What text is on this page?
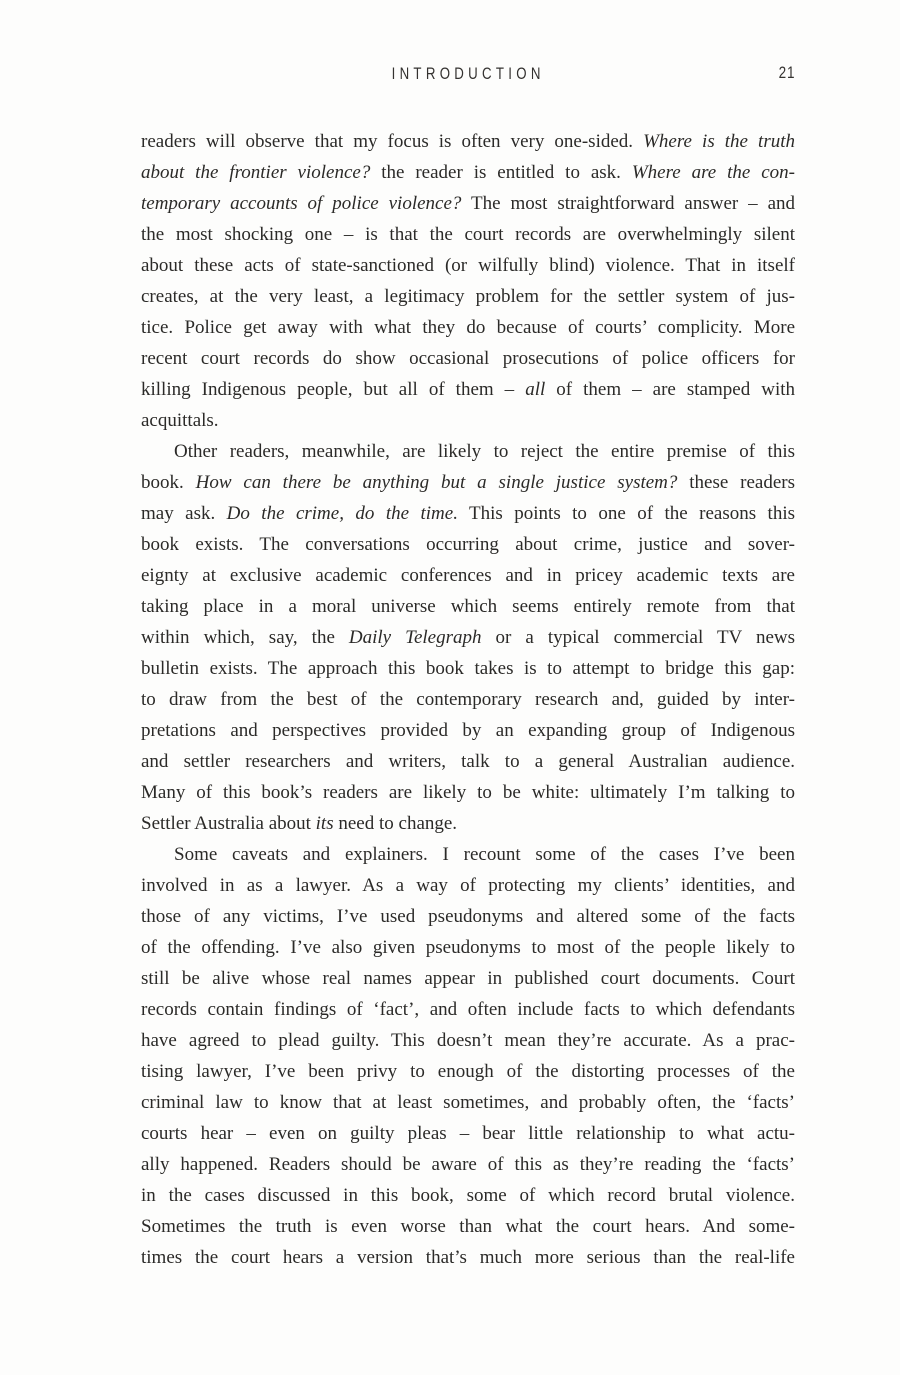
INTRODUCTION	21
readers will observe that my focus is often very one-sided. Where is the truth
about the frontier violence? the reader is entitled to ask. Where are the con-
temporary accounts of police violence? The most straightforward answer – and
the most shocking one – is that the court records are overwhelmingly silent
about these acts of state-sanctioned (or wilfully blind) violence. That in itself
creates, at the very least, a legitimacy problem for the settler system of jus-
tice. Police get away with what they do because of courts’ complicity. More
recent court records do show occasional prosecutions of police officers for
killing Indigenous people, but all of them – all of them – are stamped with
acquittals.
Other readers, meanwhile, are likely to reject the entire premise of this
book. How can there be anything but a single justice system? these readers
may ask. Do the crime, do the time. This points to one of the reasons this
book exists. The conversations occurring about crime, justice and sover-
eignty at exclusive academic conferences and in pricey academic texts are
taking place in a moral universe which seems entirely remote from that
within which, say, the Daily Telegraph or a typical commercial TV news
bulletin exists. The approach this book takes is to attempt to bridge this gap:
to draw from the best of the contemporary research and, guided by inter-
pretations and perspectives provided by an expanding group of Indigenous
and settler researchers and writers, talk to a general Australian audience.
Many of this book’s readers are likely to be white: ultimately I’m talking to
Settler Australia about its need to change.
Some caveats and explainers. I recount some of the cases I’ve been
involved in as a lawyer. As a way of protecting my clients’ identities, and
those of any victims, I’ve used pseudonyms and altered some of the facts
of the offending. I’ve also given pseudonyms to most of the people likely to
still be alive whose real names appear in published court documents. Court
records contain findings of ‘fact’, and often include facts to which defendants
have agreed to plead guilty. This doesn’t mean they’re accurate. As a prac-
tising lawyer, I’ve been privy to enough of the distorting processes of the
criminal law to know that at least sometimes, and probably often, the ‘facts’
courts hear – even on guilty pleas – bear little relationship to what actu-
ally happened. Readers should be aware of this as they’re reading the ‘facts’
in the cases discussed in this book, some of which record brutal violence.
Sometimes the truth is even worse than what the court hears. And some-
times the court hears a version that’s much more serious than the real-life
